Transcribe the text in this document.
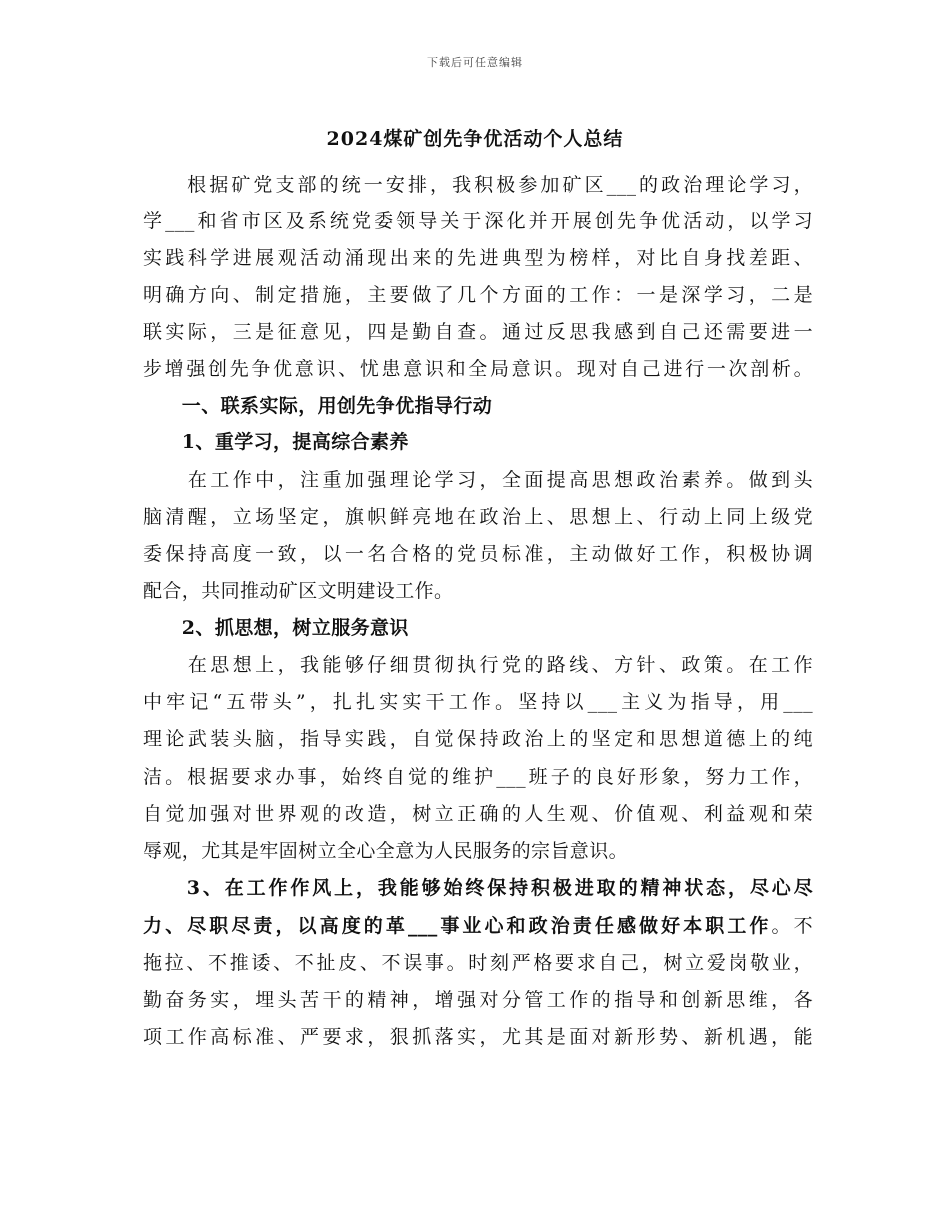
下载后可任意编辑
2024煤矿创先争优活动个人总结
　　根据矿党支部的统一安排，我积极参加矿区___的政治理论学习，
学___和省市区及系统党委领导关于深化并开展创先争优活动，以学习
实践科学进展观活动涌现出来的先进典型为榜样，对比自身找差距、
明确方向、制定措施，主要做了几个方面的工作：一是深学习，二是
联实际，三是征意见，四是勤自查。通过反思我感到自己还需要进一
步增强创先争优意识、忧患意识和全局意识。现对自己进行一次剖析。
　　一、联系实际，用创先争优指导行动
　　1、重学习，提高综合素养
　　在工作中，注重加强理论学习，全面提高思想政治素养。做到头
脑清醒，立场坚定，旗帜鲜亮地在政治上、思想上、行动上同上级党
委保持高度一致，以一名合格的党员标准，主动做好工作，积极协调
配合，共同推动矿区文明建设工作。
　　2、抓思想，树立服务意识
　　在思想上，我能够仔细贯彻执行党的路线、方针、政策。在工作
中牢记“五带头”，扎扎实实干工作。坚持以___主义为指导，用___
理论武装头脑，指导实践，自觉保持政治上的坚定和思想道德上的纯
洁。根据要求办事，始终自觉的维护___班子的良好形象，努力工作，
自觉加强对世界观的改造，树立正确的人生观、价值观、利益观和荣
辱观，尤其是牢固树立全心全意为人民服务的宗旨意识。
　　3、在工作作风上，我能够始终保持积极进取的精神状态，尽心尽
力、尽职尽责，以高度的革___事业心和政治责任感做好本职工作。不
拖拉、不推诿、不扯皮、不误事。时刻严格要求自己，树立爱岗敬业，
勤奋务实，埋头苦干的精神，增强对分管工作的指导和创新思维，各
项工作高标准、严要求，狠抓落实，尤其是面对新形势、新机遇，能
